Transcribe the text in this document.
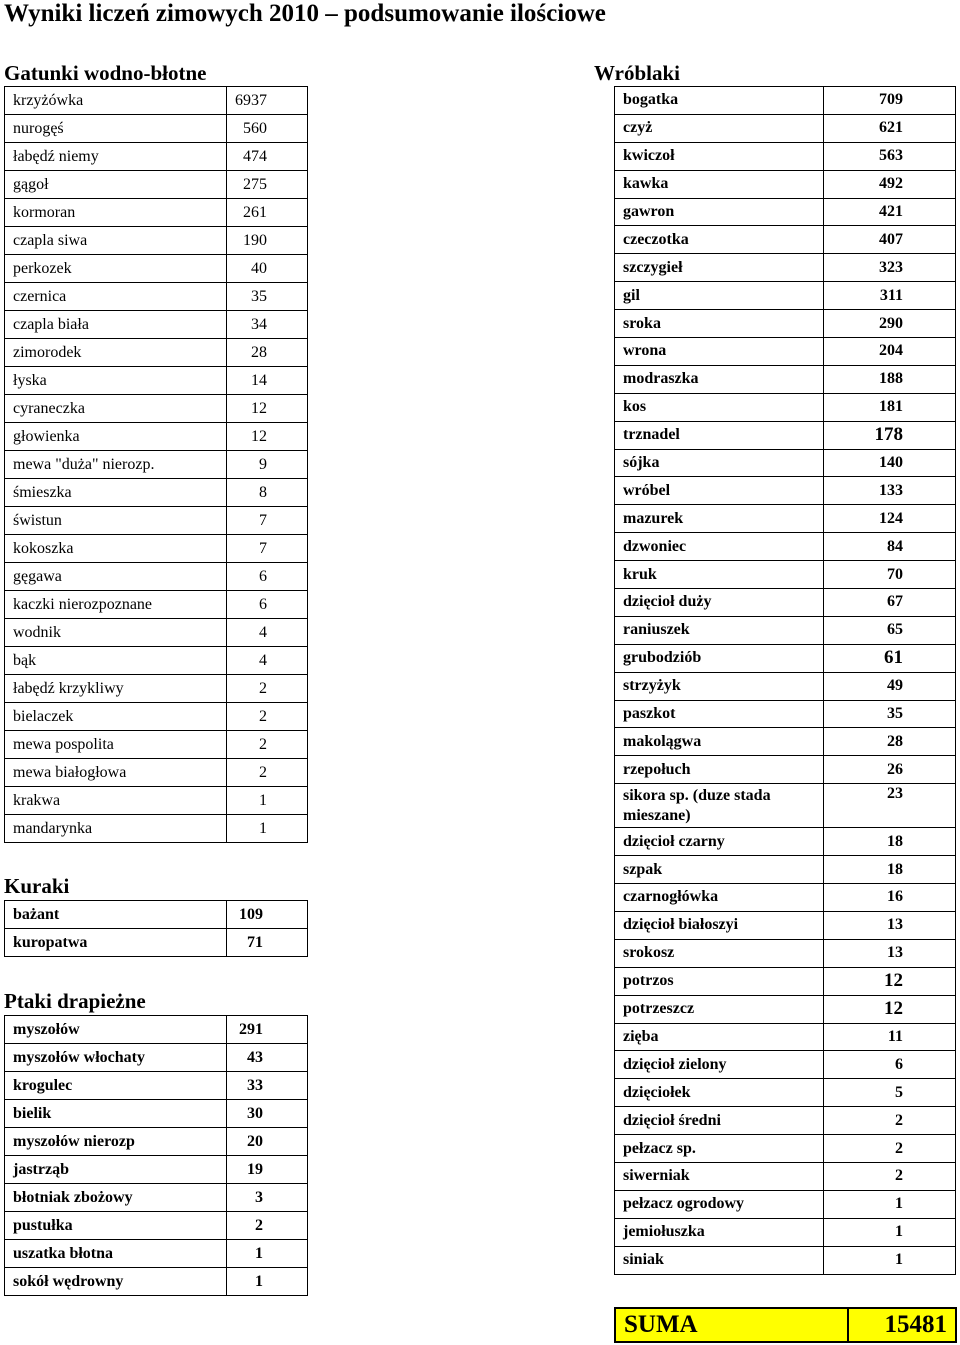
Wyniki liczeń zimowych 2010 – podsumowanie ilościowe
Gatunki wodno-błotne
krzyżówka	6937
nurogęś	560
łabędź niemy	474
gągoł	275
kormoran	261
czapla siwa	190
perkozek	40
czernica	35
czapla biała	34
zimorodek	28
łyska	14
cyraneczka	12
głowienka	12
mewa "duża" nierozp.	9
śmieszka	8
świstun	7
kokoszka	7
gęgawa	6
kaczki nierozpoznane	6
wodnik	4
bąk	4
łabędź krzykliwy	2
bielaczek	2
mewa pospolita	2
mewa białogłowa	2
krakwa	1
mandarynka	1
Kuraki
bażant	109
kuropatwa	71
Ptaki drapieżne
myszołów	291
myszołów włochaty	43
krogulec	33
bielik	30
myszołów nierozp	20
jastrząb	19
błotniak zbożowy	3
pustułka	2
uszatka błotna	1
sokół wędrowny	1
Wróblaki
bogatka	709
czyż	621
kwiczoł	563
kawka	492
gawron	421
czeczotka	407
szczygieł	323
gil	311
sroka	290
wrona	204
modraszka	188
kos	181
trznadel	178
sójka	140
wróbel	133
mazurek	124
dzwoniec	84
kruk	70
dzięcioł duży	67
raniuszek	65
grubodziób	61
strzyżyk	49
paszkot	35
makolągwa	28
rzepołuch	26
sikora sp. (duze stada mieszane)	23
dzięcioł czarny	18
szpak	18
czarnogłówka	16
dzięcioł białoszyi	13
srokosz	13
potrzos	12
potrzeszcz	12
zięba	11
dzięcioł zielony	6
dzięciołek	5
dzięcioł średni	2
pełzacz sp.	2
siwerniak	2
pełzacz ogrodowy	1
jemiołuszka	1
siniak	1
SUMA	15481
